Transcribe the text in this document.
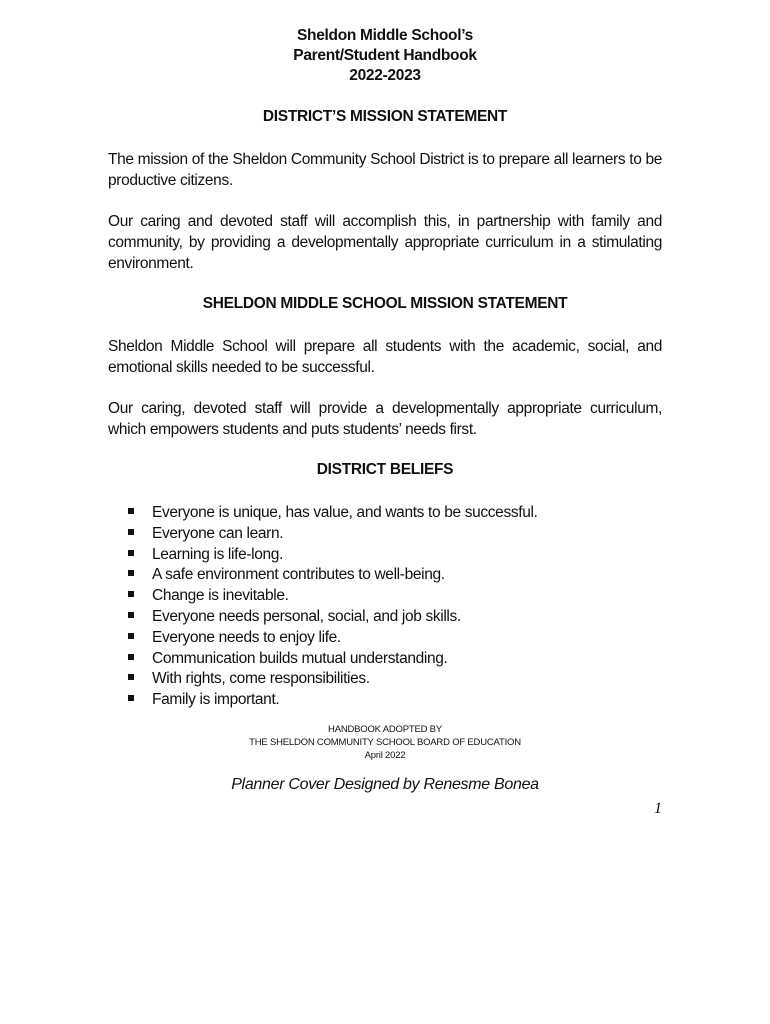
Sheldon Middle School’s
Parent/Student Handbook
2022-2023
DISTRICT’S MISSION STATEMENT
The mission of the Sheldon Community School District is to prepare all learners to be productive citizens.
Our caring and devoted staff will accomplish this, in partnership with family and community, by providing a developmentally appropriate curriculum in a stimulating environment.
SHELDON MIDDLE SCHOOL MISSION STATEMENT
Sheldon Middle School will prepare all students with the academic, social, and emotional skills needed to be successful.
Our caring, devoted staff will provide a developmentally appropriate curriculum, which empowers students and puts students’ needs first.
DISTRICT BELIEFS
Everyone is unique, has value, and wants to be successful.
Everyone can learn.
Learning is life-long.
A safe environment contributes to well-being.
Change is inevitable.
Everyone needs personal, social, and job skills.
Everyone needs to enjoy life.
Communication builds mutual understanding.
With rights, come responsibilities.
Family is important.
HANDBOOK ADOPTED BY
THE SHELDON COMMUNITY SCHOOL BOARD OF EDUCATION
April 2022
Planner Cover Designed by Renesme Bonea
1
